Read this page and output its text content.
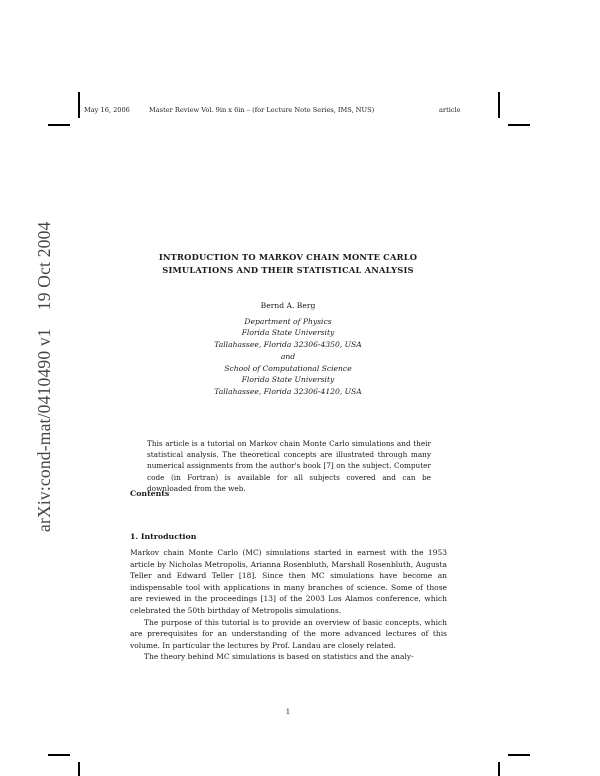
May 16, 2006	Master Review Vol. 9in x 6in – (for Lecture Note Series, IMS, NUS)	article
arXiv:cond-mat/0410490 v119 Oct 2004	INTRODUCTION TO MARKOV CHAIN MONTE CARLO
SIMULATIONS AND THEIR STATISTICAL ANALYSIS
Bernd A. Berg
Department of Physics
Florida State University
Tallahassee, Florida 32306-4350, USA
and
School of Computational Science
Florida State University
Tallahassee, Florida 32306-4120, USA
This article is a tutorial on Markov chain Monte Carlo simulations and their statistical analysis. The theoretical concepts are illustrated through many numerical assignments from the author's book [7] on the subject. Computer code (in Fortran) is available for all subjects covered and can be downloaded from the web.
Contents
1. Introduction

Markov chain Monte Carlo (MC) simulations started in earnest with the 1953 article by Nicholas Metropolis, Arianna Rosenbluth, Marshall Rosenbluth, Augusta Teller and Edward Teller [18]. Since then MC simulations have become an indispensable tool with applications in many branches of science. Some of those are reviewed in the proceedings [13] of the 2003 Los Alamos conference, which celebrated the 50th birthday of Metropolis simulations.

The purpose of this tutorial is to provide an overview of basic concepts, which are prerequisites for an understanding of the more advanced lectures of this volume. In particular the lectures by Prof. Landau are closely related.

The theory behind MC simulations is based on statistics and the analy-

1
